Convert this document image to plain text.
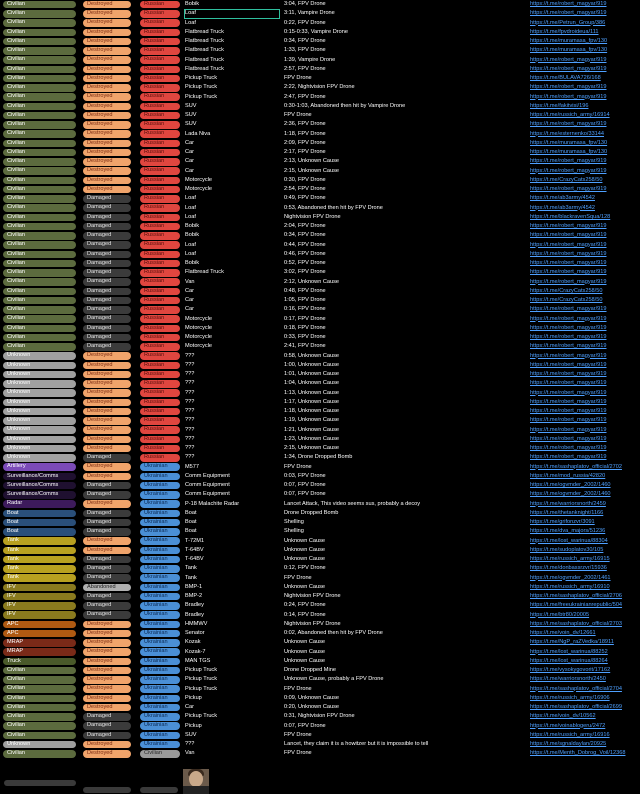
Civilian	Destroyed	Russian	Bobik	3:04, FPV Drone	https://t.me/robert_magyar/919
Civilian	Destroyed	Russian	Loaf	3:11, Vampire Drone	https://t.me/robert_magyar/919
Civilian	Destroyed	Russian	Loaf	0:22, FPV Drone	https://t.me/Petrun_Group/386
Civilian	Destroyed	Russian	Flatbread Truck	0:15-0:33, Vampire Drone	https://t.me/fpvdroideua/111
Civilian	Destroyed	Russian	Flatbread Truck	0:34, FPV Drone	https://t.me/muramasa_fpv/130
Civilian	Destroyed	Russian	Flatbread Truck	1:33, FPV Drone	https://t.me/muramasa_fpv/130
Civilian	Destroyed	Russian	Flatbread Truck	1:39, Vampire Drone	https://t.me/robert_magyar/919
Civilian	Destroyed	Russian	Flatbread Truck	2:57, FPV Drone	https://t.me/robert_magyar/919
Civilian	Destroyed	Russian	Pickup Truck	FPV Drone	https://t.me/BULAVA726/168
Civilian	Destroyed	Russian	Pickup Truck	2:22, Nightvision FPV Drone	https://t.me/robert_magyar/919
Civilian	Destroyed	Russian	Pickup Truck	2:47, FPV Drone	https://t.me/robert_magyar/919
Civilian	Destroyed	Russian	SUV	0:30-1:03, Abandoned then hit by Vampire Drone	https://t.me/fakitvisi/196
Civilian	Destroyed	Russian	SUV	FPV Drone	https://t.me/russich_army/16914
Civilian	Destroyed	Russian	SUV	2:36, FPV Drone	https://t.me/robert_magyar/919
Civilian	Destroyed	Russian	Lada Niva	1:18, FPV Drone	https://t.me/esternenko/33144
Civilian	Destroyed	Russian	Car	2:09, FPV Drone	https://t.me/muramasa_fpv/130
Civilian	Destroyed	Russian	Car	2:17, FPV Drone	https://t.me/muramasa_fpv/130
Civilian	Destroyed	Russian	Car	2:13, Unknown Cause	https://t.me/robert_magyar/919
Civilian	Destroyed	Russian	Car	2:15, Unknown Cause	https://t.me/robert_magyar/919
Civilian	Destroyed	Russian	Motorcycle	0:30, FPV Drone	https://t.me/CrazyCats258/50
Civilian	Destroyed	Russian	Motorcycle	2:54, FPV Drone	https://t.me/robert_magyar/919
Civilian	Damaged	Russian	Loaf	0:49, FPV Drone	https://t.me/ab3army/4542
Civilian	Damaged	Russian	Loaf	0:53, Abandoned then hit by FPV Drone	https://t.me/ab3army/4542
Civilian	Damaged	Russian	Loaf	Nightvision FPV Drone	https://t.me/blackravenSqua/128
Civilian	Damaged	Russian	Bobik	2:04, FPV Drone	https://t.me/robert_magyar/919
Civilian	Damaged	Russian	Bobik	0:34, FPV Drone	https://t.me/robert_magyar/919
Civilian	Damaged	Russian	Loaf	0:44, FPV Drone	https://t.me/robert_magyar/919
Civilian	Damaged	Russian	Loaf	0:46, FPV Drone	https://t.me/robert_magyar/919
Civilian	Damaged	Russian	Bobik	0:52, FPV Drone	https://t.me/robert_magyar/919
Civilian	Damaged	Russian	Flatbread Truck	3:02, FPV Drone	https://t.me/robert_magyar/919
Civilian	Damaged	Russian	Van	2:12, Unknown Cause	https://t.me/robert_magyar/919
Civilian	Damaged	Russian	Car	0:48, FPV Drone	https://t.me/CrazyCats258/50
Civilian	Damaged	Russian	Car	1:05, FPV Drone	https://t.me/CrazyCats258/50
Civilian	Damaged	Russian	Car	0:16, FPV Drone	https://t.me/robert_magyar/919
Civilian	Damaged	Russian	Motorcycle	0:17, FPV Drone	https://t.me/robert_magyar/919
Civilian	Damaged	Russian	Motorcycle	0:18, FPV Drone	https://t.me/robert_magyar/919
Civilian	Damaged	Russian	Motorcycle	0:33, FPV Drone	https://t.me/robert_magyar/919
Civilian	Damaged	Russian	Motorcycle	2:41, FPV Drone	https://t.me/robert_magyar/919
Unknown	Destroyed	Russian	???	0:58, Unknown Cause	https://t.me/robert_magyar/919
Unknown	Destroyed	Russian	???	1:00, Unknown Cause	https://t.me/robert_magyar/919
Unknown	Destroyed	Russian	???	1:01, Unknown Cause	https://t.me/robert_magyar/919
Unknown	Destroyed	Russian	???	1:04, Unknown Cause	https://t.me/robert_magyar/919
Unknown	Destroyed	Russian	???	1:13, Unknown Cause	https://t.me/robert_magyar/919
Unknown	Destroyed	Russian	???	1:17, Unknown Cause	https://t.me/robert_magyar/919
Unknown	Destroyed	Russian	???	1:18, Unknown Cause	https://t.me/robert_magyar/919
Unknown	Destroyed	Russian	???	1:19, Unknown Cause	https://t.me/robert_magyar/919
Unknown	Destroyed	Russian	???	1:21, Unknown Cause	https://t.me/robert_magyar/919
Unknown	Destroyed	Russian	???	1:23, Unknown Cause	https://t.me/robert_magyar/919
Unknown	Destroyed	Russian	???	2:15, Unknown Cause	https://t.me/robert_magyar/919
Unknown	Damaged	Russian	???	1:34, Drone Dropped Bomb	https://t.me/robert_magyar/919
Artillery	Destroyed	Ukrainian	M577	FPV Drone	https://t.me/sashaplatov_official/2702
Surveillance/Comms	Destroyed	Ukrainian	Comm Equipment	0:03, FPV Drone	https://t.me/mod_russia/42820
Surveillance/Comms	Damaged	Ukrainian	Comm Equipment	0:07, FPV Drone	https://t.me/ogvmder_2002/1460
Surveillance/Comms	Damaged	Ukrainian	Comm Equipment	0:07, FPV Drone	https://t.me/ogvmder_2002/1460
Radar	Destroyed	Ukrainian	P-18 Malachite Radar	Lancet Attack, This video seems sus, probably a decoy	https://t.me/warriorsnorth/2459
Boat	Damaged	Ukrainian	Boat	Drone Dropped Bomb	https://t.me/thetanknight/1166
Boat	Damaged	Ukrainian	Boat	Shelling	https://t.me/grifonzvr/3091
Boat	Damaged	Ukrainian	Boat	Shelling	https://t.me/dva_majors/51236
Tank	Destroyed	Ukrainian	T-72M1	Unknown Cause	https://t.me/lost_warinua/88304
Tank	Destroyed	Ukrainian	T-64BV	Unknown Cause	https://t.me/sudoplatov30/105
Tank	Damaged	Ukrainian	T-64BV	Unknown Cause	https://t.me/russich_army/16915
Tank	Damaged	Ukrainian	Tank	0:12, FPV Drone	https://t.me/donbassrzvr/15936
Tank	Damaged	Ukrainian	Tank	FPV Drone	https://t.me/ogvmder_2002/1461
IFV	Abandoned	Ukrainian	BMP-1	Unknown Cause	https://t.me/russich_army/16910
IFV	Damaged	Ukrainian	BMP-2	Nightvision FPV Drone	https://t.me/sashaplatov_official/2706
IFV	Damaged	Ukrainian	Bradley	0:24, FPV Drone	https://t.me/freeukrainianrepublic/504
IFV	Damaged	Ukrainian	Bradley	0:14, FPV Drone	https://t.me/btr80/20005
APC	Destroyed	Ukrainian	HMMWV	Nightvision FPV Drone	https://t.me/sashaplatov_official/2703
APC	Destroyed	Ukrainian	Senator	0:02, Abandoned then hit by FPV Drone	https://t.me/voin_dv/12661
MRAP	Destroyed	Ukrainian	Kozak	Unknown Cause	https://t.me/NgP_raZVedka/18911
MRAP	Destroyed	Ukrainian	Kozak-7	Unknown Cause	https://t.me/lost_warinua/88252
Truck	Destroyed	Ukrainian	MAN TGS	Unknown Cause	https://t.me/lost_warinua/88264
Civilian	Destroyed	Ukrainian	Pickup Truck	Drone Dropped Mine	https://t.me/vysokygovorit/17162
Civilian	Destroyed	Ukrainian	Pickup Truck	Unknown Cause, probably a FPV Drone	https://t.me/warriorsnorth/2450
Civilian	Destroyed	Ukrainian	Pickup Truck	FPV Drone	https://t.me/sashaplatov_official/2704
Civilian	Destroyed	Ukrainian	Pickup	0:09, Unknown Cause	https://t.me/russich_army/16906
Civilian	Destroyed	Ukrainian	Car	0:20, Unknown Cause	https://t.me/sashaplatov_official/2699
Civilian	Damaged	Ukrainian	Pickup Truck	0:31, Nightvision FPV Drone	https://t.me/voin_dv/10562
Civilian	Damaged	Ukrainian	Pickup	0:07, FPV Drone	https://t.me/voinablogeru/2472
Civilian	Damaged	Ukrainian	SUV	FPV Drone	https://t.me/russich_army/16916
Unknown	Destroyed	Ukrainian	???	Lancet, they claim it is a howitzer but it is impossible to tell	https://t.me/sgnaldaylan/20925
Civilian	Destroyed	Civilian	Van	FPV Drone	https://t.me/Menth_Dobrog_Voil/12368
